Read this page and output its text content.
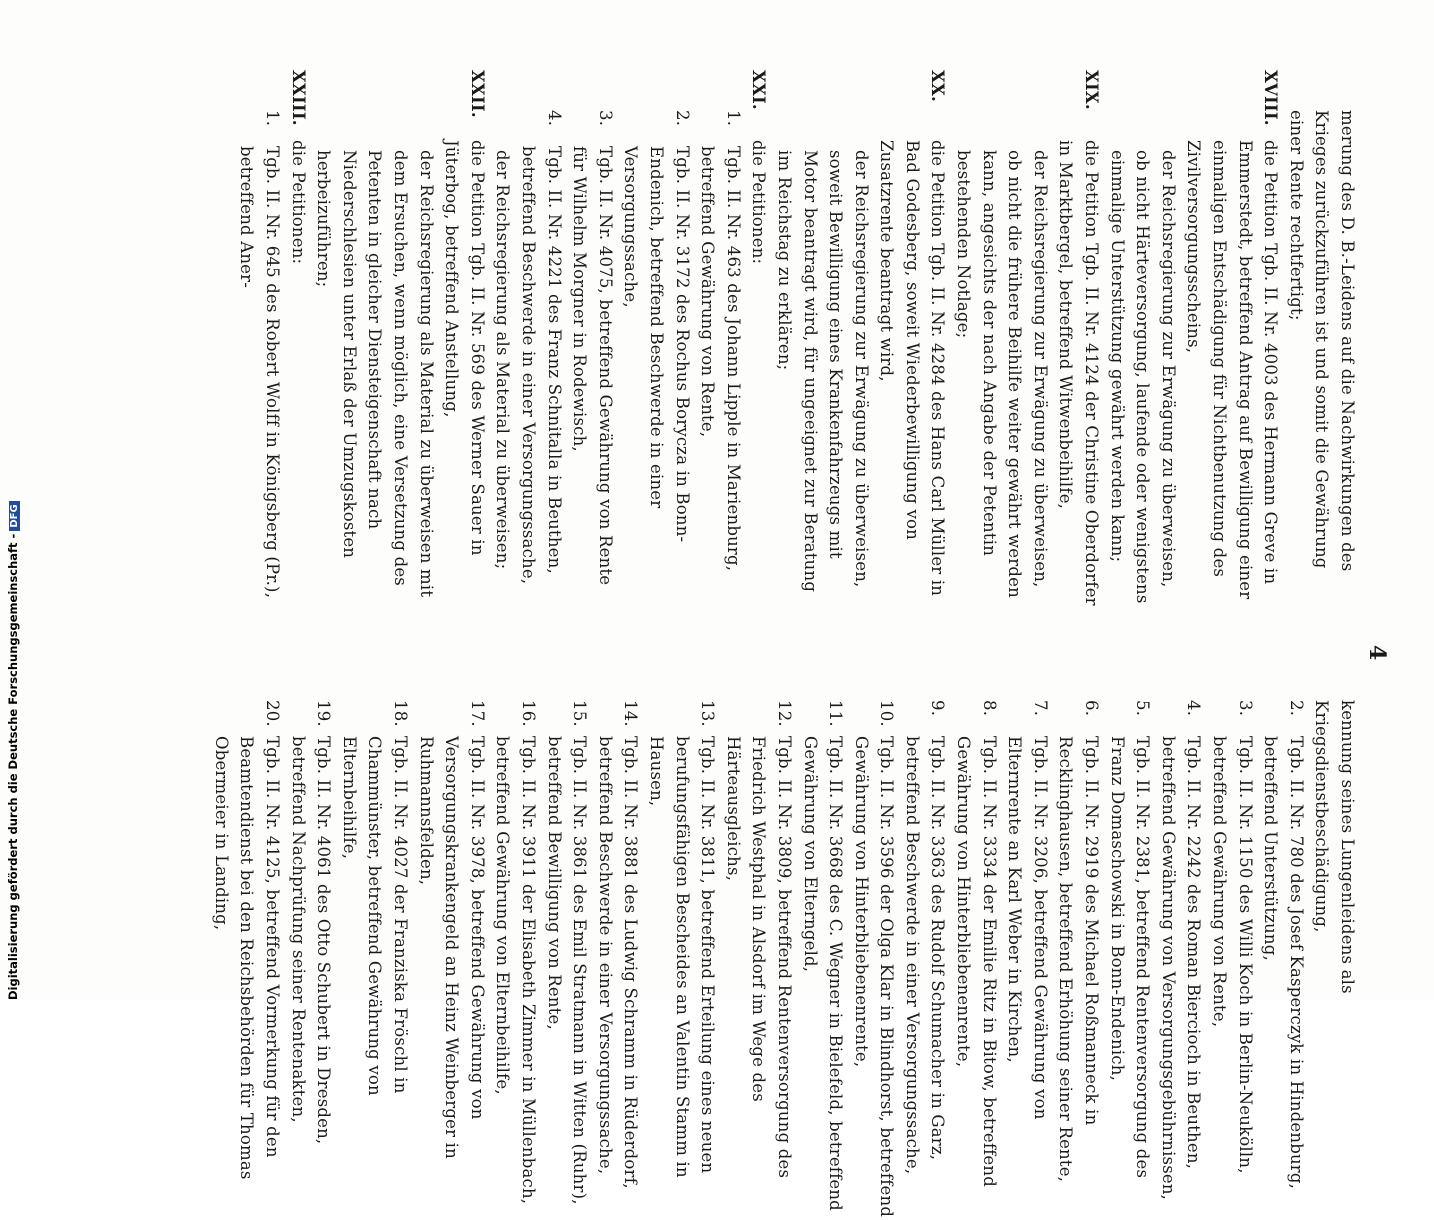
4
merung des D. B.-Leidens auf die Nachwirkungen des Krieges zurückzuführen ist und somit die Gewährung einer Rente rechtfertigt;
XVIII.
die Petition Tgb. II. Nr. 4003 des Hermann Greve in Emmerstedt, betreffend Antrag auf Bewilligung einer einmaligen Entschädigung für Nichtbenutzung des Zivilversorgungsscheins,
der Reichsregierung zur Erwägung zu überweisen, ob nicht Härteversorgung, laufende oder wenigstens einmalige Unterstützung gewährt werden kann;
XIX.
die Petition Tgb. II. Nr. 4124 der Christine Oberdorfer in Marktbergel, betreffend Witwenbeihilfe,
der Reichsregierung zur Erwägung zu überweisen, ob nicht die frühere Beihilfe weiter gewährt werden kann, angesichts der nach Angabe der Petentin bestehenden Notlage;
XX.
die Petition Tgb. II. Nr. 4284 des Hans Carl Müller in Bad Godesberg, soweit Wiederbewilligung von Zusatzrente beantragt wird,
der Reichsregierung zur Erwägung zu überweisen, soweit Bewilligung eines Krankenfahrzeugs mit Motor beantragt wird, für ungeeignet zur Beratung im Reichstag zu erklären;
XXI.
die Petitionen:
1.
Tgb. II. Nr. 463 des Johann Lipple in Marienburg, betreffend Gewährung von Rente,
2.
Tgb. II. Nr. 3172 des Rochus Borycza in Bonn-Endenich, betreffend Beschwerde in einer Versorgungssache,
3.
Tgb. II. Nr. 4075, betreffend Gewährung von Rente für Wilhelm Morgner in Rodewisch,
4.
Tgb. II. Nr. 4221 des Franz Schnitalla in Beuthen, betreffend Beschwerde in einer Versorgungssache,
der Reichsregierung als Material zu überweisen;
XXII.
die Petition Tgb. II. Nr. 569 des Werner Sauer in Jüterbog, betreffend Anstellung,
der Reichsregierung als Material zu überweisen mit dem Ersuchen, wenn möglich, eine Versetzung des Petenten in gleicher Diensteigenschaft nach Niederschlesien unter Erlaß der Umzugskosten herbeizuführen;
XXIII.
die Petitionen:
1.
Tgb. II. Nr. 645 des Robert Wolff in Königsberg (Pr.), betreffend Aner-
kennung seines Lungenleidens als Kriegsdienstbeschädigung,
2.
Tgb. II. Nr. 780 des Josef Kasperczyk in Hindenburg, betreffend Unterstützung,
3.
Tgb. II. Nr. 1150 des Willi Koch in Berlin-Neukölln, betreffend Gewährung von Rente,
4.
Tgb. II. Nr. 2242 des Roman Biercioch in Beuthen, betreffend Gewährung von Versorgungsgebührnissen,
5.
Tgb. II. Nr. 2381, betreffend Rentenversorgung des Franz Domaschowski in Bonn-Endenich,
6.
Tgb. II. Nr. 2919 des Michael Roßmanneck in Recklinghausen, betreffend Erhöhung seiner Rente,
7.
Tgb. II. Nr. 3206, betreffend Gewährung von Elternrente an Karl Weber in Kirchen,
8.
Tgb. II. Nr. 3334 der Emilie Ritz in Bitow, betreffend Gewährung von Hinterbliebenenrente,
9.
Tgb. II. Nr. 3363 des Rudolf Schumacher in Garz, betreffend Beschwerde in einer Versorgungssache,
10.
Tgb. II. Nr. 3596 der Olga Klar in Blindhorst, betreffend Gewährung von Hinterbliebenenrente,
11.
Tgb. II. Nr. 3668 des C. Wegner in Bielefeld, betreffend Gewährung von Elterngeld,
12.
Tgb. II. Nr. 3809, betreffend Rentenversorgung des Friedrich Westphal in Alsdorf im Wege des Härteausgleichs,
13.
Tgb. II. Nr. 3811, betreffend Erteilung eines neuen berufungsfähigen Bescheides an Valentin Stamm in Hausen,
14.
Tgb. II. Nr. 3881 des Ludwig Schramm in Rüderdorf, betreffend Beschwerde in einer Versorgungssache,
15.
Tgb. II. Nr. 3861 des Emil Stratmann in Witten (Ruhr), betreffend Bewilligung von Rente,
16.
Tgb. II. Nr. 3911 der Elisabeth Zimmer in Müllenbach, betreffend Gewährung von Elternbeihilfe,
17.
Tgb. II. Nr. 3978, betreffend Gewährung von Versorgungskrankengeld an Heinz Weinberger in Ruhmannsfelden,
18.
Tgb. II. Nr. 4027 der Franziska Fröschl in Chammünster, betreffend Gewährung von Elternbeihilfe,
19.
Tgb. II. Nr. 4061 des Otto Schubert in Dresden, betreffend Nachprüfung seiner Rentenakten,
20.
Tgb. II. Nr. 4125, betreffend Vormerkung für den Beamtendienst bei den Reichsbehörden für Thomas Obermeier in Landing,
Digitalisierung gefördert durch die Deutsche Forschungsgemeinschaft -DFG
